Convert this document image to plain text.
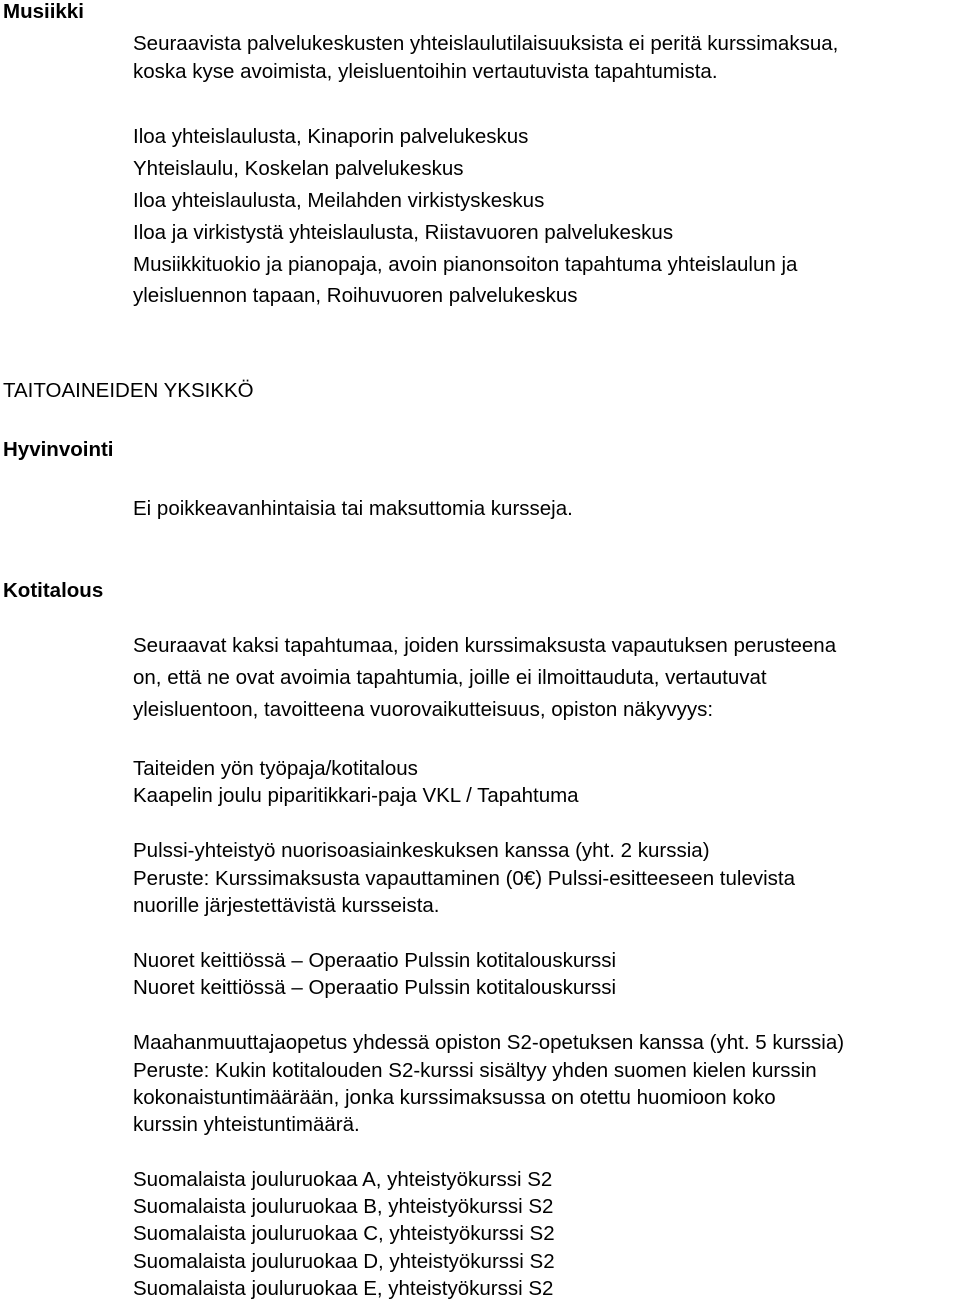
Musiikki
Seuraavista palvelukeskusten yhteislaulutilaisuuksista ei peritä kurssimaksua,
koska kyse avoimista, yleisluentoihin vertautuvista tapahtumista.
Iloa yhteislaulusta, Kinaporin palvelukeskus
Yhteislaulu, Koskelan palvelukeskus
Iloa yhteislaulusta, Meilahden virkistyskeskus
Iloa ja virkistystä yhteislaulusta, Riistavuoren palvelukeskus
Musiikkituokio ja pianopaja, avoin pianonsoiton tapahtuma yhteislaulun ja
yleisluennon tapaan, Roihuvuoren palvelukeskus
TAITOAINEIDEN YKSIKKÖ
Hyvinvointi
Ei poikkeavanhintaisia tai maksuttomia kursseja.
Kotitalous
Seuraavat kaksi tapahtumaa, joiden kurssimaksusta vapautuksen perusteena
on, että ne ovat avoimia tapahtumia, joille ei ilmoittauduta, vertautuvat
yleisluentoon, tavoitteena vuorovaikutteisuus, opiston näkyvyys:
Taiteiden yön työpaja/kotitalous
Kaapelin joulu piparitikkari-paja VKL / Tapahtuma
Pulssi-yhteistyö nuorisoasiainkeskuksen kanssa (yht. 2 kurssia)
Peruste: Kurssimaksusta vapauttaminen (0€) Pulssi-esitteeseen tulevista
nuorille järjestettävistä kursseista.
Nuoret keittiössä – Operaatio Pulssin kotitalouskurssi
Nuoret keittiössä – Operaatio Pulssin kotitalouskurssi
Maahanmuuttajaopetus yhdessä opiston S2-opetuksen kanssa (yht. 5 kurssia)
Peruste: Kukin kotitalouden S2-kurssi sisältyy yhden suomen kielen kurssin
kokonaistuntimäärään, jonka kurssimaksussa on otettu huomioon koko
kurssin yhteistuntimäärä.
Suomalaista jouluruokaa A, yhteistyökurssi S2
Suomalaista jouluruokaa B, yhteistyökurssi S2
Suomalaista jouluruokaa C, yhteistyökurssi S2
Suomalaista jouluruokaa D, yhteistyökurssi S2
Suomalaista jouluruokaa E, yhteistyökurssi S2
